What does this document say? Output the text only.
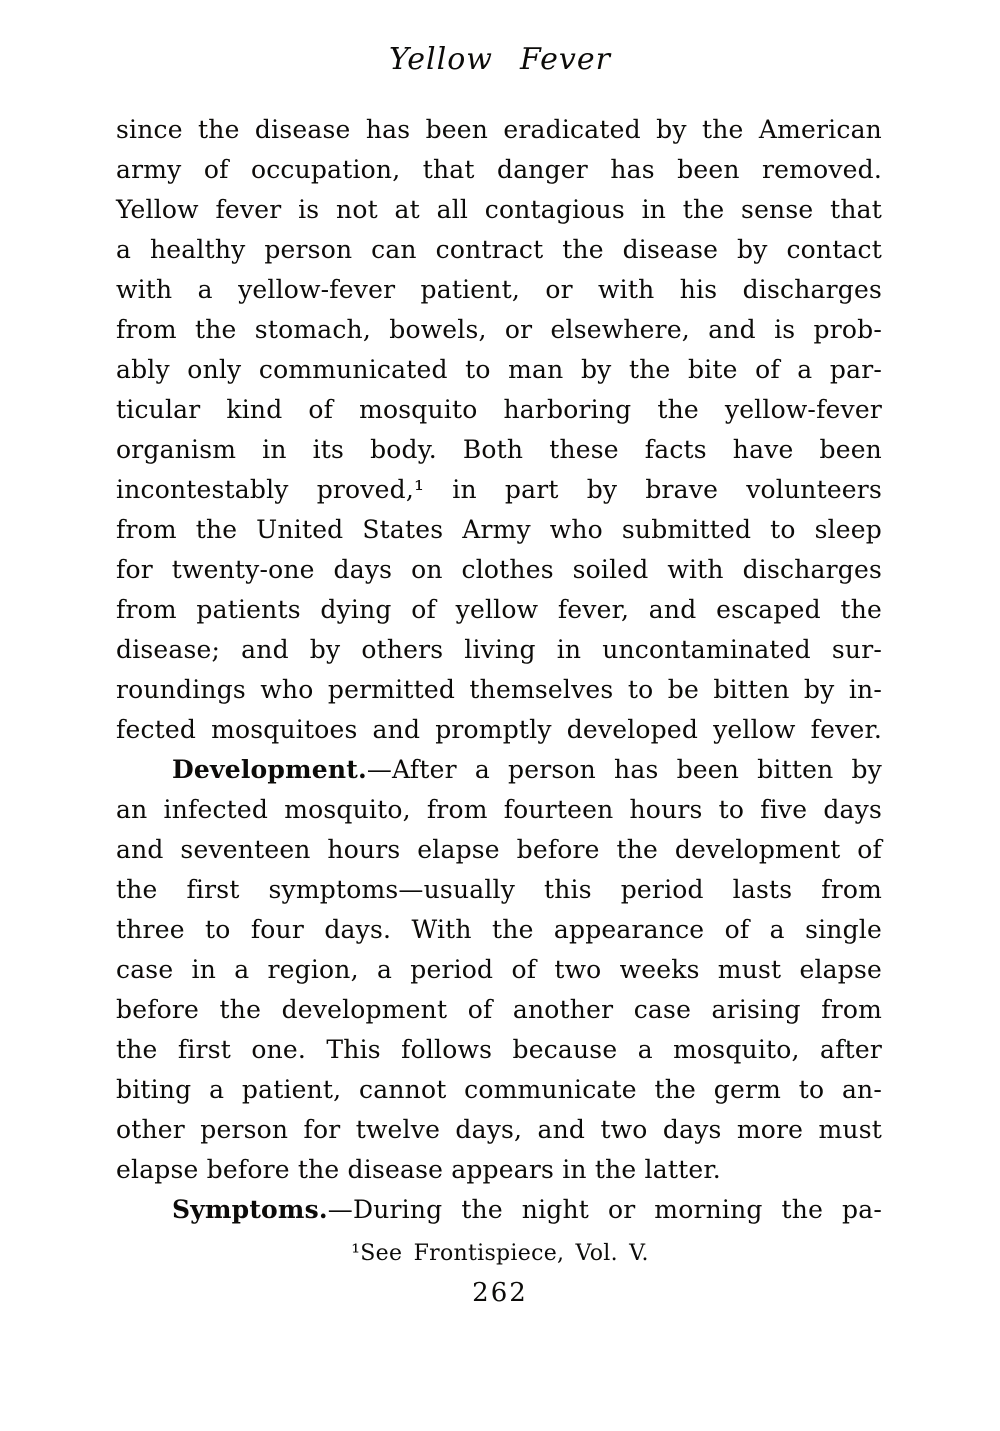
Yellow Fever
since the disease has been eradicated by the American
army of occupation, that danger has been removed.
Yellow fever is not at all contagious in the sense that
a healthy person can contract the disease by contact
with a yellow-fever patient, or with his discharges
from the stomach, bowels, or elsewhere, and is prob-
ably only communicated to man by the bite of a par-
ticular kind of mosquito harboring the yellow-fever
organism in its body. Both these facts have been
incontestably proved,¹ in part by brave volunteers
from the United States Army who submitted to sleep
for twenty-one days on clothes soiled with discharges
from patients dying of yellow fever, and escaped the
disease; and by others living in uncontaminated sur-
roundings who permitted themselves to be bitten by in-
fected mosquitoes and promptly developed yellow fever.
Development.—After a person has been bitten by
an infected mosquito, from fourteen hours to five days
and seventeen hours elapse before the development of
the first symptoms—usually this period lasts from
three to four days. With the appearance of a single
case in a region, a period of two weeks must elapse
before the development of another case arising from
the first one. This follows because a mosquito, after
biting a patient, cannot communicate the germ to an-
other person for twelve days, and two days more must
elapse before the disease appears in the latter.
Symptoms.—During the night or morning the pa-
¹See Frontispiece, Vol. V.
262
